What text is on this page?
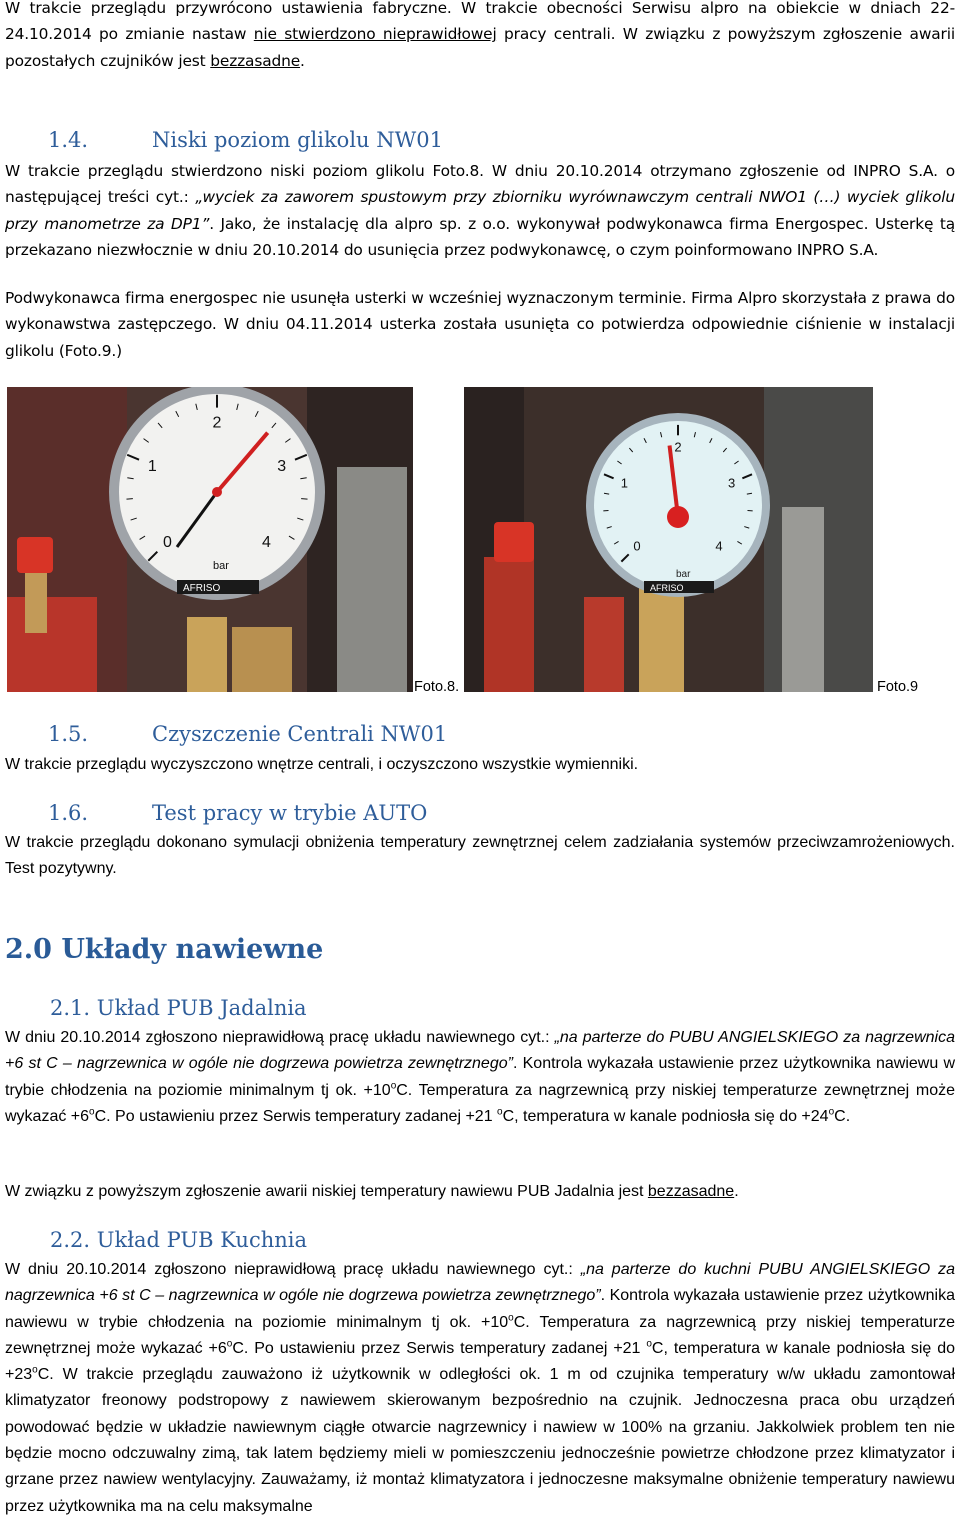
W trakcie przeglądu przywrócono ustawienia fabryczne. W trakcie obecności Serwisu alpro na obiekcie w dniach 22-24.10.2014 po zmianie nastaw nie stwierdzono nieprawidłowej pracy centrali. W związku z powyższym zgłoszenie awarii pozostałych czujników jest bezzasadne.

1.4.	Niski poziom glikolu NW01

W trakcie przeglądu stwierdzono niski poziom glikolu Foto.8. W dniu 20.10.2014 otrzymano zgłoszenie od INPRO S.A. o następującej treści cyt.: „wyciek za zaworem spustowym przy zbiorniku wyrównawczym centrali NWO1 (…) wyciek glikolu przy manometrze za DP1”. Jako, że instalację dla alpro sp. z o.o. wykonywał podwykonawca firma Energospec. Usterkę tą przekazano niezwłocznie w dniu 20.10.2014 do usunięcia przez podwykonawcę, o czym poinformowano INPRO S.A.

Podwykonawca firma energospec nie usunęła usterki w wcześniej wyznaczonym terminie. Firma Alpro skorzystała z prawa do wykonawstwa zastępczego. W dniu 04.11.2014 usterka została usunięta co potwierdza odpowiednie ciśnienie w instalacji glikolu (Foto.9.)

0
1
2
3
4
bar
AFRISO
Foto.8.
0
1
2
3
4
bar
AFRISO
Foto.9
1.5.	Czyszczenie Centrali NW01

W trakcie przeglądu wyczyszczono wnętrze centrali, i oczyszczono wszystkie wymienniki.

1.6.	Test pracy w trybie AUTO

W trakcie przeglądu dokonano symulacji obniżenia temperatury zewnętrznej celem zadziałania systemów przeciwzamrożeniowych. Test pozytywny.

2.0 Układy nawiewne
2.1. Układ PUB Jadalnia

W dniu 20.10.2014 zgłoszono nieprawidłową pracę układu nawiewnego cyt.: „na parterze do PUBU ANGIELSKIEGO za nagrzewnica +6 st C – nagrzewnica w ogóle nie dogrzewa powietrza zewnętrznego”. Kontrola wykazała ustawienie przez użytkownika nawiewu w trybie chłodzenia na poziomie minimalnym tj ok. $+10^oC$. Temperatura za nagrzewnicą przy niskiej temperaturze zewnętrznej może wykazać $+6^oC$. Po ustawieniu przez Serwis temperatury zadanej +21 $^o$C, temperatura w kanale podniosła się do $+24^oC$.

W związku z powyższym zgłoszenie awarii niskiej temperatury nawiewu PUB Jadalnia jest bezzasadne.

2.2. Układ PUB Kuchnia

W dniu 20.10.2014 zgłoszono nieprawidłową pracę układu nawiewnego cyt.: „na parterze do kuchni PUBU ANGIELSKIEGO za nagrzewnica +6 st C – nagrzewnica w ogóle nie dogrzewa powietrza zewnętrznego”. Kontrola wykazała ustawienie przez użytkownika nawiewu w trybie chłodzenia na poziomie minimalnym tj ok. $+10^oC$. Temperatura za nagrzewnicą przy niskiej temperaturze zewnętrznej może wykazać $+6^oC$. Po ustawieniu przez Serwis temperatury zadanej +21 $^o$C, temperatura w kanale podniosła się do $+23^oC$. W trakcie przeglądu zauważono iż użytkownik w odległości ok. 1 m od czujnika temperatury w/w układu zamontował klimatyzator freonowy podstropowy z nawiewem skierowanym bezpośrednio na czujnik. Jednoczesna praca obu urządzeń powodować będzie w układzie nawiewnym ciągłe otwarcie nagrzewnicy i nawiew w 100% na grzaniu. Jakkolwiek problem ten nie będzie mocno odczuwalny zimą, tak latem będziemy mieli w pomieszczeniu jednocześnie powietrze chłodzone przez klimatyzator i grzane przez nawiew wentylacyjny. Zauważamy, iż montaż klimatyzatora i jednoczesne maksymalne obniżenie temperatury nawiewu przez użytkownika ma na celu maksymalne
